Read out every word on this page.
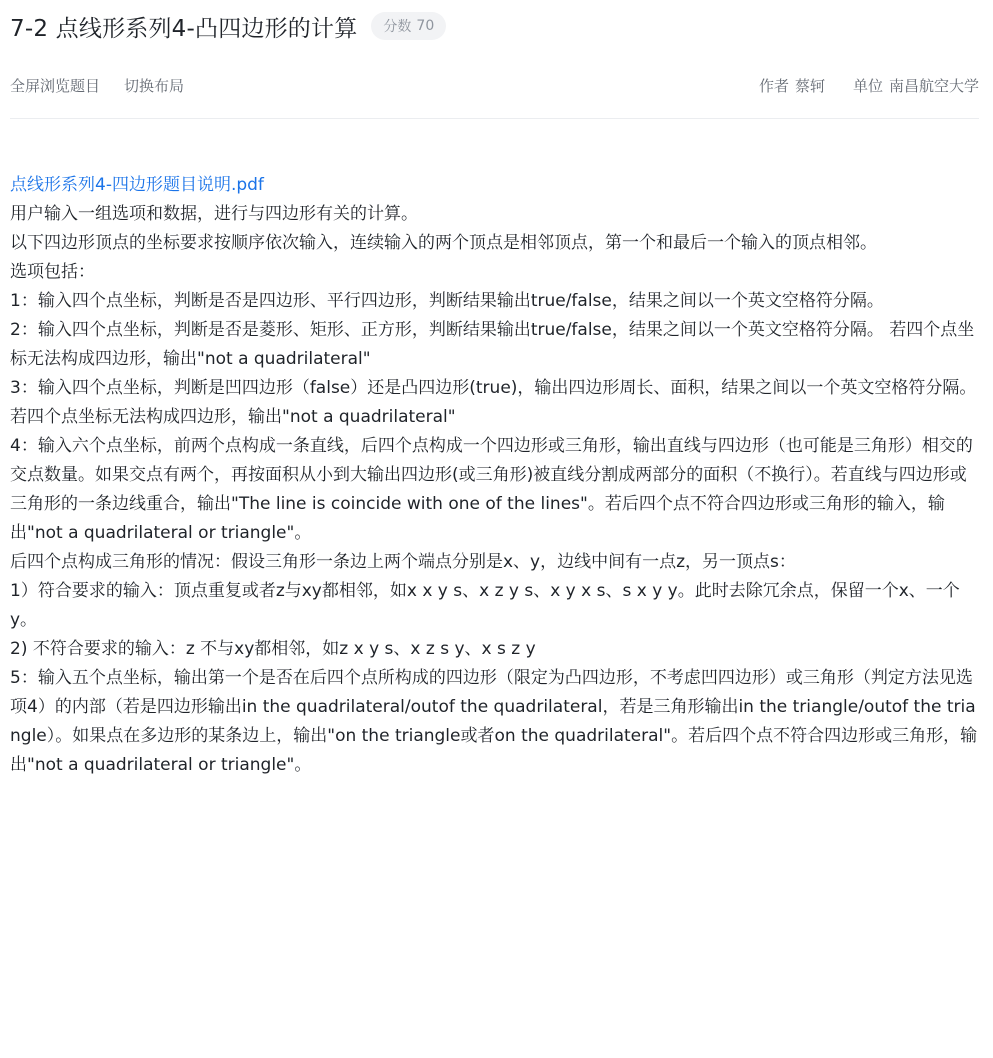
7-2 点线形系列4-凸四边形的计算 分数 70
全屏浏览题目 切换布局	作者 蔡轲 单位 南昌航空大学
点线形系列4-四边形题目说明.pdf

用户输入一组选项和数据，进行与四边形有关的计算。

以下四边形顶点的坐标要求按顺序依次输入，连续输入的两个顶点是相邻顶点，第一个和最后一个输入的顶点相邻。

选项包括：

1：输入四个点坐标，判断是否是四边形、平行四边形，判断结果输出true/false，结果之间以一个英文空格符分隔。

2：输入四个点坐标，判断是否是菱形、矩形、正方形，判断结果输出true/false，结果之间以一个英文空格符分隔。 若四个点坐标无法构成四边形，输出"not a quadrilateral"

3：输入四个点坐标，判断是凹四边形（false）还是凸四边形(true)，输出四边形周长、面积，结果之间以一个英文空格符分隔。 若四个点坐标无法构成四边形，输出"not a quadrilateral"

4：输入六个点坐标，前两个点构成一条直线，后四个点构成一个四边形或三角形，输出直线与四边形（也可能是三角形）相交的交点数量。如果交点有两个，再按面积从小到大输出四边形(或三角形)被直线分割成两部分的面积（不换行）。若直线与四边形或三角形的一条边线重合，输出"The line is coincide with one of the lines"。若后四个点不符合四边形或三角形的输入，输出"not a quadrilateral or triangle"。

后四个点构成三角形的情况：假设三角形一条边上两个端点分别是x、y，边线中间有一点z，另一顶点s：

1）符合要求的输入：顶点重复或者z与xy都相邻，如x x y s、x z y s、x y x s、s x y y。此时去除冗余点，保留一个x、一个y。

2) 不符合要求的输入：z 不与xy都相邻，如z x y s、x z s y、x s z y

5：输入五个点坐标，输出第一个是否在后四个点所构成的四边形（限定为凸四边形，不考虑凹四边形）或三角形（判定方法见选项4）的内部（若是四边形输出in the quadrilateral/outof the quadrilateral，若是三角形输出in the triangle/outof the triangle）。如果点在多边形的某条边上，输出"on the triangle或者on the quadrilateral"。若后四个点不符合四边形或三角形，输出"not a quadrilateral or triangle"。
